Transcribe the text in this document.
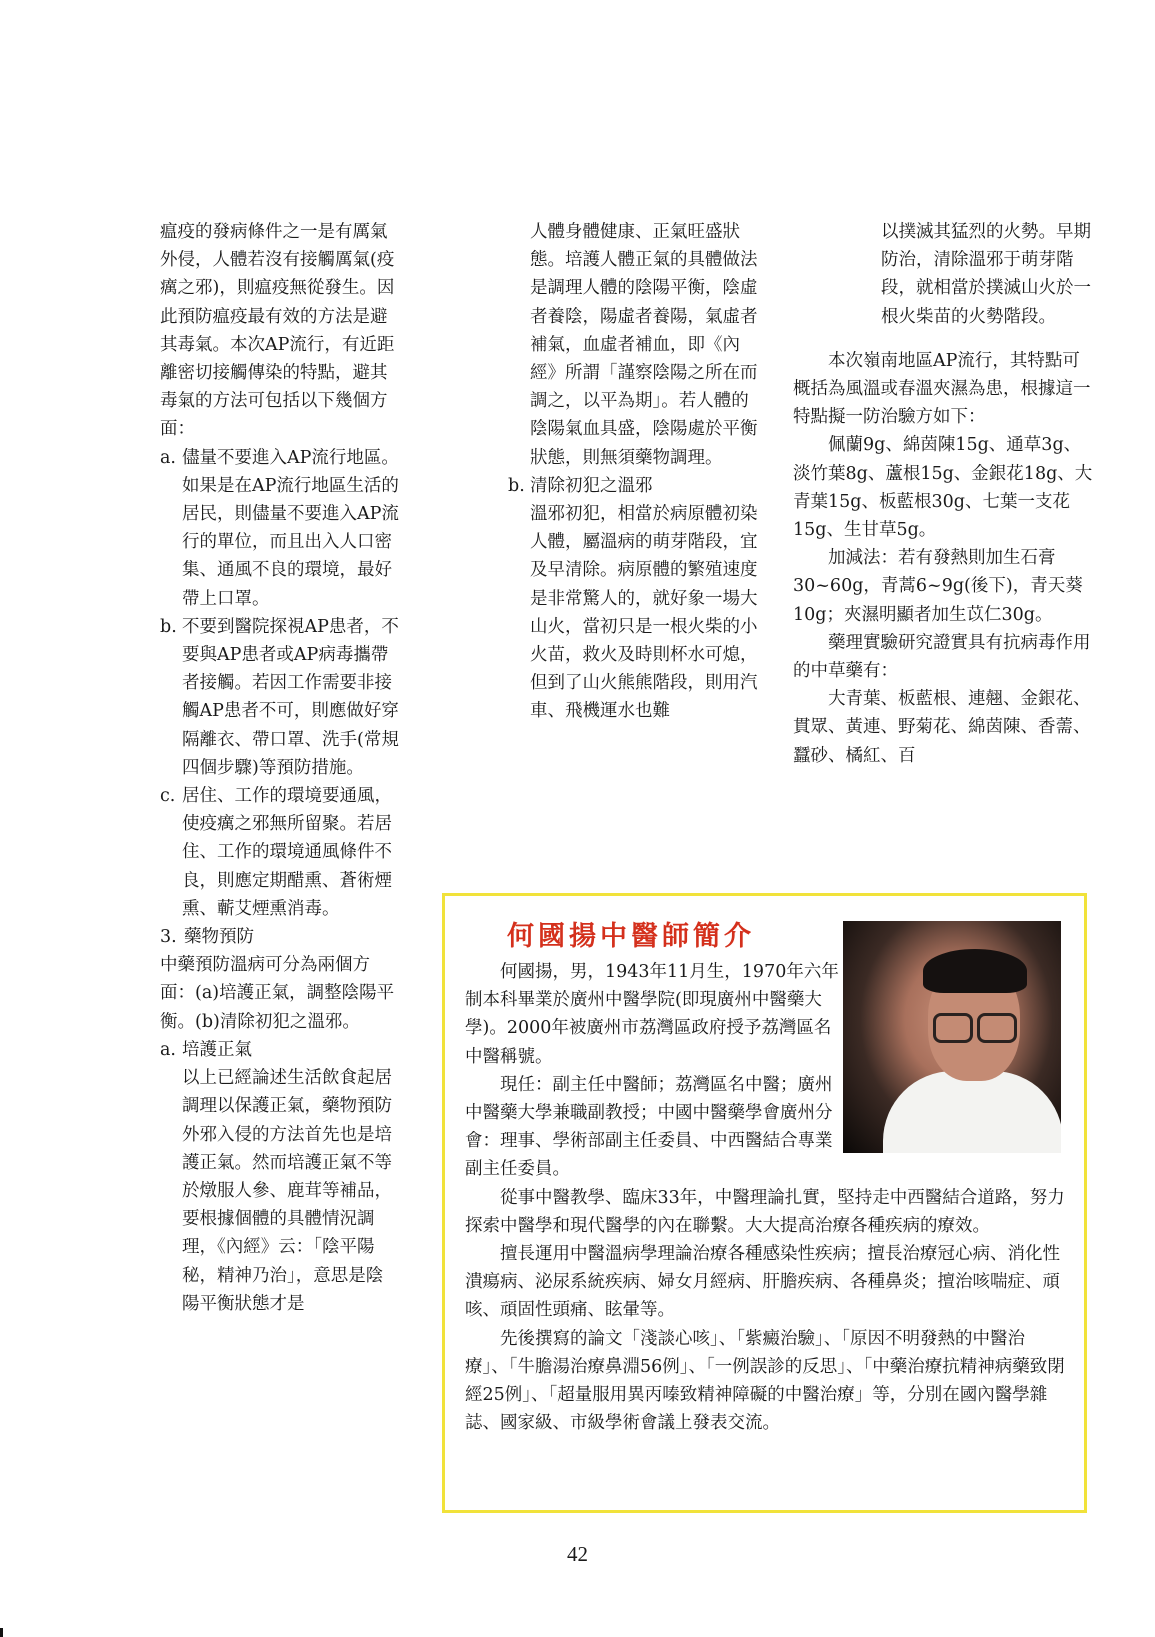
瘟疫的發病條件之一是有厲氣外侵，人體若沒有接觸厲氣(疫癘之邪)，則瘟疫無從發生。因此預防瘟疫最有效的方法是避其毒氣。本次AP流行，有近距離密切接觸傳染的特點，避其毒氣的方法可包括以下幾個方面：

a. 儘量不要進入AP流行地區。如果是在AP流行地區生活的居民，則儘量不要進入AP流行的單位，而且出入人口密集、通風不良的環境，最好帶上口罩。
b. 不要到醫院探視AP患者，不要與AP患者或AP病毒攜帶者接觸。若因工作需要非接觸AP患者不可，則應做好穿隔離衣、帶口罩、洗手(常規四個步驟)等預防措施。
c. 居住、工作的環境要通風，使疫癘之邪無所留聚。若居住、工作的環境通風條件不良，則應定期醋熏、蒼術煙熏、蘄艾煙熏消毒。
3. 藥物預防

中藥預防溫病可分為兩個方面：(a)培護正氣，調整陰陽平衡。(b)清除初犯之溫邪。

a. 培護正氣

以上已經論述生活飲食起居調理以保護正氣，藥物預防外邪入侵的方法首先也是培護正氣。然而培護正氣不等於燉服人參、鹿茸等補品，要根據個體的具體情況調理，《內經》云：「陰平陽秘，精神乃治」，意思是陰陽平衡狀態才是

人體身體健康、正氣旺盛狀態。培護人體正氣的具體做法是調理人體的陰陽平衡，陰虛者養陰，陽虛者養陽，氣虛者補氣，血虛者補血，即《內經》所謂「謹察陰陽之所在而調之，以平為期」。若人體的陰陽氣血具盛，陰陽處於平衡狀態，則無須藥物調理。

b. 清除初犯之溫邪

溫邪初犯，相當於病原體初染人體，屬溫病的萌芽階段，宜及早清除。病原體的繁殖速度是非常驚人的，就好象一場大山火，當初只是一根火柴的小火苗，救火及時則杯水可熄，但到了山火熊熊階段，則用汽車、飛機運水也難

以撲滅其猛烈的火勢。早期防治，清除溫邪于萌芽階段，就相當於撲滅山火於一根火柴苗的火勢階段。

本次嶺南地區AP流行，其特點可概括為風溫或春溫夾濕為患，根據這一特點擬一防治驗方如下：

佩蘭9g、綿茵陳15g、通草3g、淡竹葉8g、蘆根15g、金銀花18g、大青葉15g、板藍根30g、七葉一支花15g、生甘草5g。

加減法：若有發熱則加生石膏30~60g，青蒿6~9g(後下)，青天葵10g；夾濕明顯者加生苡仁30g。

藥理實驗研究證實具有抗病毒作用的中草藥有：

大青葉、板藍根、連翹、金銀花、貫眾、黃連、野菊花、綿茵陳、香薷、蠶砂、橘紅、百

何國揚中醫師簡介

何國揚，男，1943年11月生，1970年六年制本科畢業於廣州中醫學院(即現廣州中醫藥大學)。2000年被廣州市荔灣區政府授予荔灣區名中醫稱號。

現任：副主任中醫師；荔灣區名中醫；廣州中醫藥大學兼職副教授；中國中醫藥學會廣州分會：理事、學術部副主任委員、中西醫結合專業副主任委員。

從事中醫教學、臨床33年，中醫理論扎實，堅持走中西醫結合道路，努力探索中醫學和現代醫學的內在聯繫。大大提高治療各種疾病的療效。

擅長運用中醫溫病學理論治療各種感染性疾病；擅長治療冠心病、消化性潰瘍病、泌尿系統疾病、婦女月經病、肝膽疾病、各種鼻炎；擅治咳喘症、頑咳、頑固性頭痛、眩暈等。

先後撰寫的論文「淺談心咳」、「紫癜治驗」、「原因不明發熱的中醫治療」、「牛膽湯治療鼻淵56例」、「一例誤診的反思」、「中藥治療抗精神病藥致閉經25例」、「超量服用異丙嗪致精神障礙的中醫治療」等，分別在國內醫學雜誌、國家級、市級學術會議上發表交流。

42
